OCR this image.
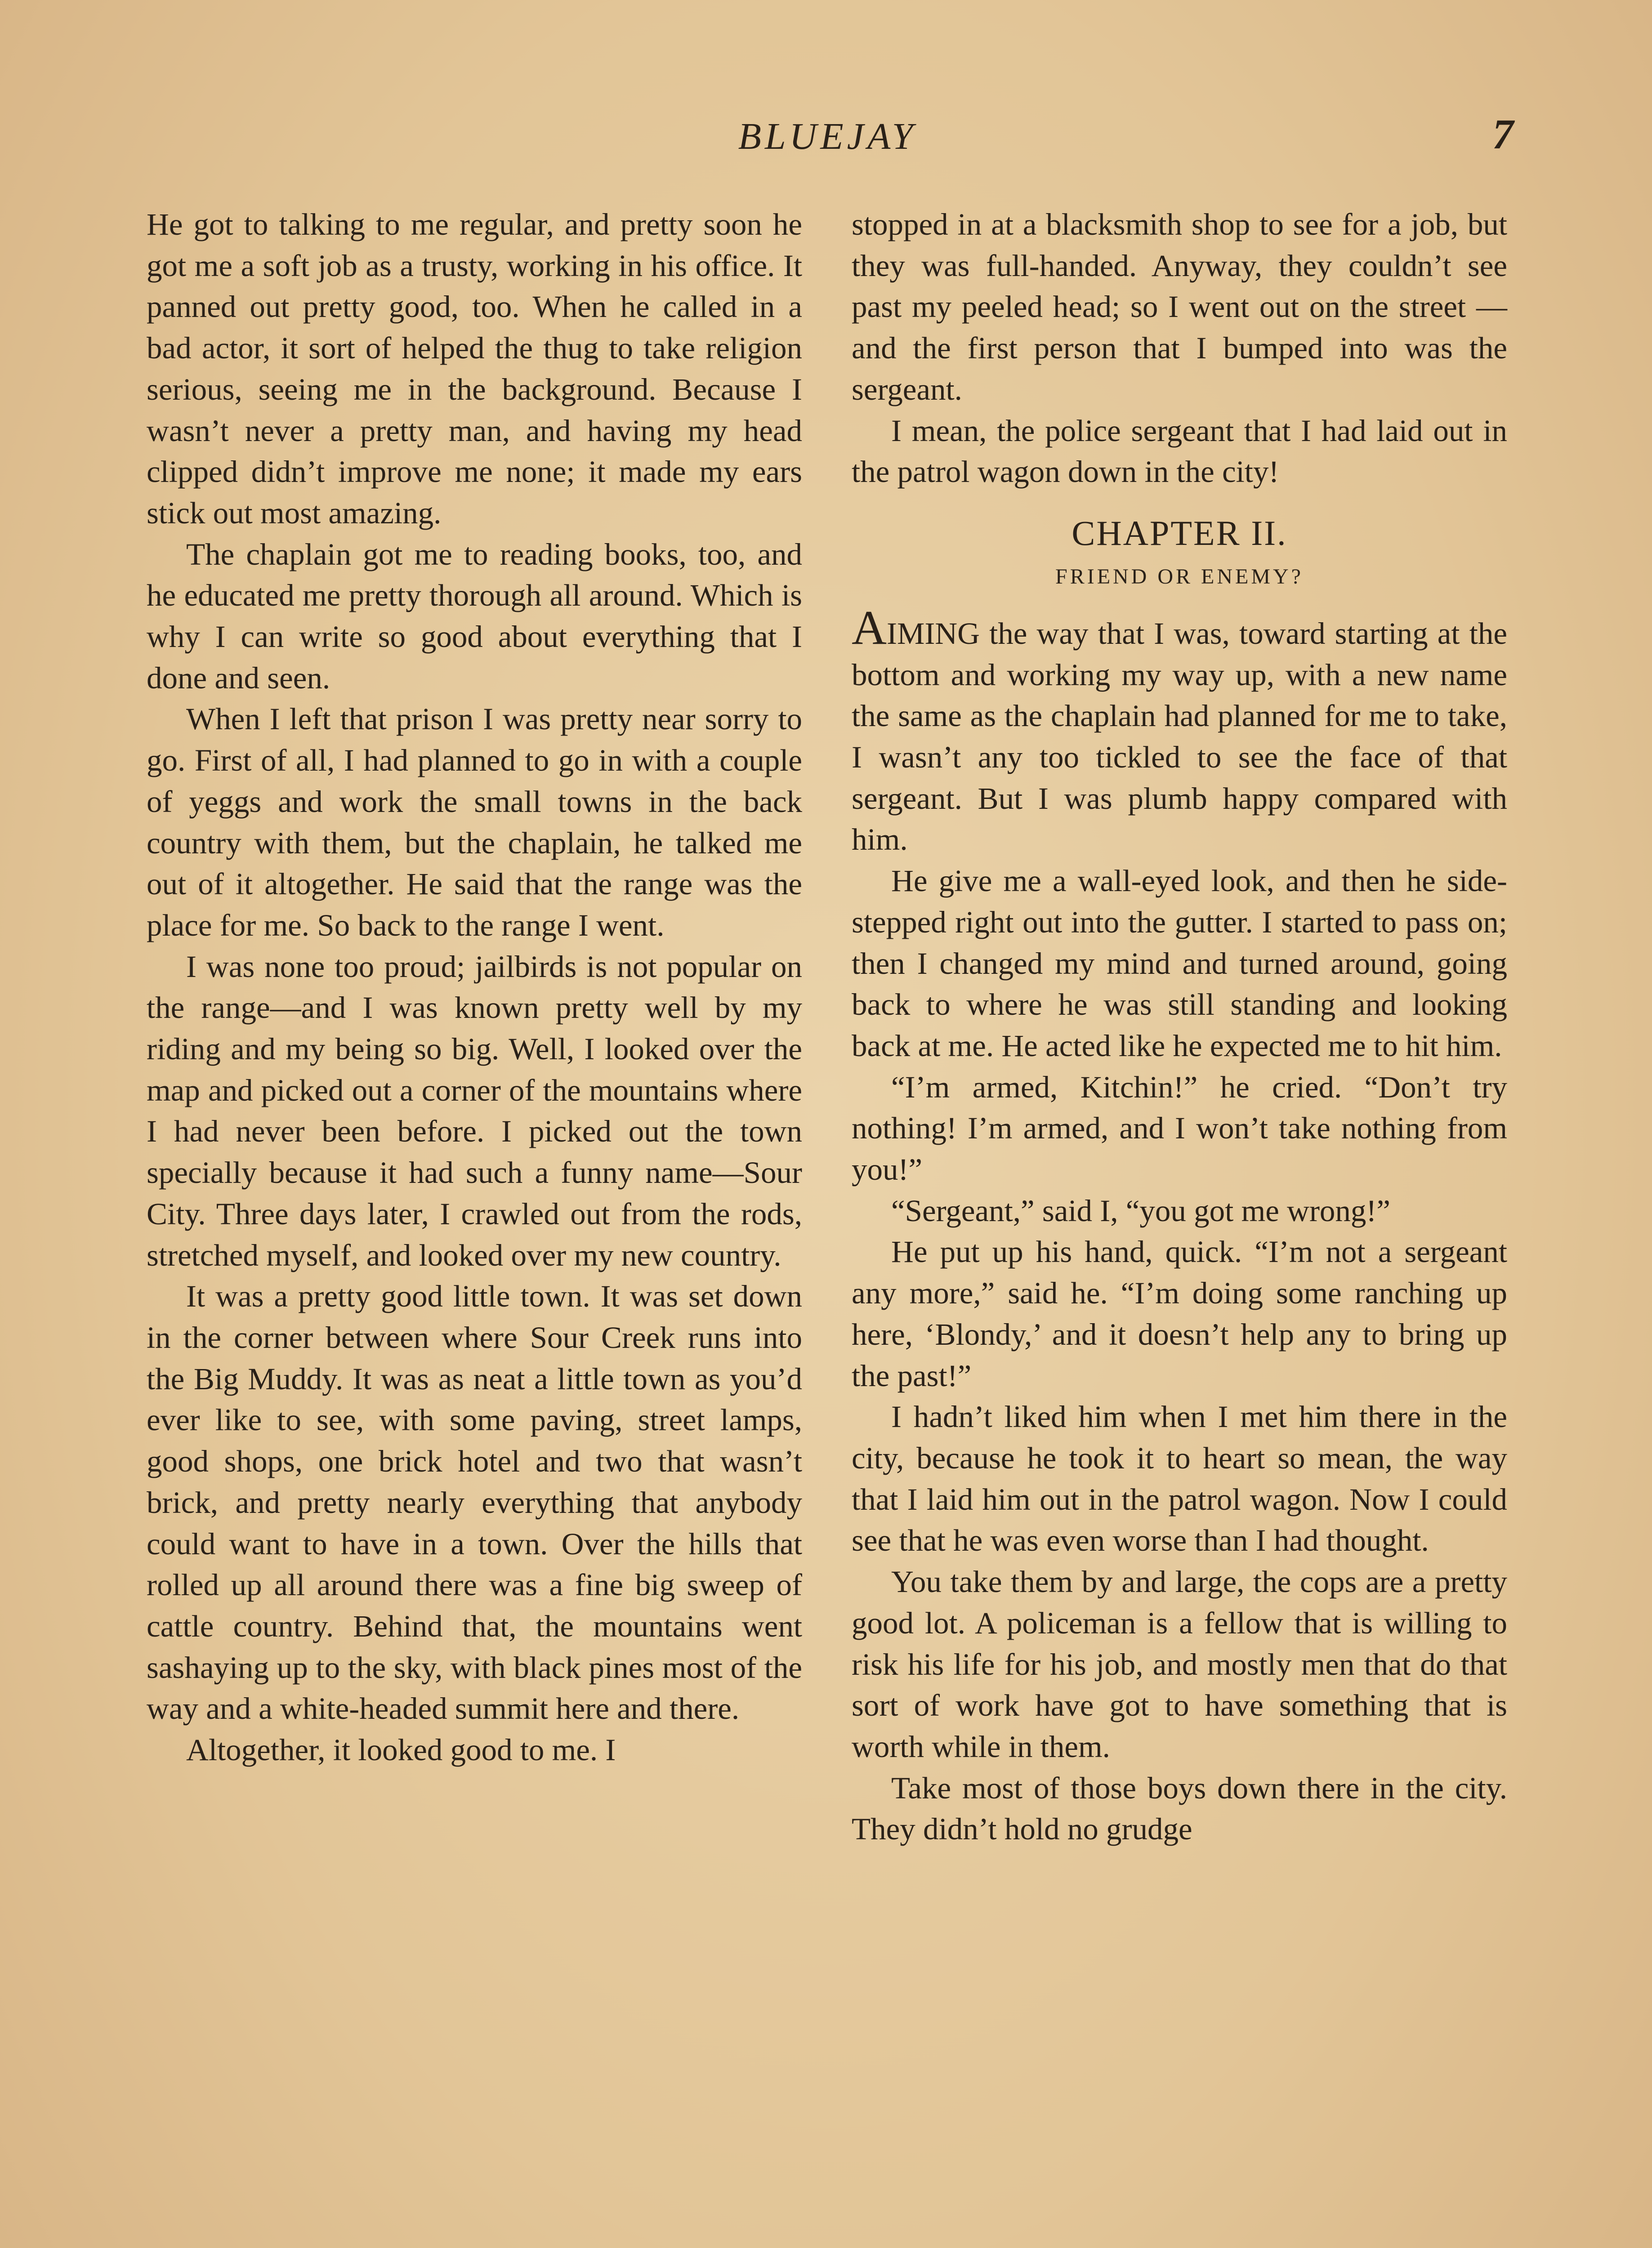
BLUEJAY	7

He got to talking to me regular, and pretty soon he got me a soft job as a trusty, working in his office. It panned out pretty good, too. When he called in a bad actor, it sort of helped the thug to take religion serious, seeing me in the background. Because I wasn’t never a pretty man, and having my head clipped didn’t improve me none; it made my ears stick out most amazing.

The chaplain got me to reading books, too, and he educated me pretty thorough all around. Which is why I can write so good about everything that I done and seen.

When I left that prison I was pretty near sorry to go. First of all, I had planned to go in with a couple of yeggs and work the small towns in the back country with them, but the chaplain, he talked me out of it altogether. He said that the range was the place for me. So back to the range I went.

I was none too proud; jailbirds is not popular on the range—and I was known pretty well by my riding and my being so big. Well, I looked over the map and picked out a corner of the mountains where I had never been before. I picked out the town specially because it had such a funny name—Sour City. Three days later, I crawled out from the rods, stretched myself, and looked over my new country.

It was a pretty good little town. It was set down in the corner between where Sour Creek runs into the Big Muddy. It was as neat a little town as you’d ever like to see, with some paving, street lamps, good shops, one brick hotel and two that wasn’t brick, and pretty nearly everything that anybody could want to have in a town. Over the hills that rolled up all around there was a fine big sweep of cattle country. Behind that, the mountains went sashaying up to the sky, with black pines most of the way and a white-headed summit here and there.

Altogether, it looked good to me. I

stopped in at a blacksmith shop to see for a job, but they was full-handed. Anyway, they couldn’t see past my peeled head; so I went out on the street —and the first person that I bumped into was the sergeant.

I mean, the police sergeant that I had laid out in the patrol wagon down in the city!

CHAPTER II.
FRIEND OR ENEMY?

AIMING the way that I was, toward starting at the bottom and working my way up, with a new name the same as the chaplain had planned for me to take, I wasn’t any too tickled to see the face of that sergeant. But I was plumb happy compared with him.

He give me a wall-eyed look, and then he side-stepped right out into the gutter. I started to pass on; then I changed my mind and turned around, going back to where he was still standing and looking back at me. He acted like he expected me to hit him.

“I’m armed, Kitchin!” he cried. “Don’t try nothing! I’m armed, and I won’t take nothing from you!”

“Sergeant,” said I, “you got me wrong!”

He put up his hand, quick. “I’m not a sergeant any more,” said he. “I’m doing some ranching up here, ‘Blondy,’ and it doesn’t help any to bring up the past!”

I hadn’t liked him when I met him there in the city, because he took it to heart so mean, the way that I laid him out in the patrol wagon. Now I could see that he was even worse than I had thought.

You take them by and large, the cops are a pretty good lot. A policeman is a fellow that is willing to risk his life for his job, and mostly men that do that sort of work have got to have something that is worth while in them.

Take most of those boys down there in the city. They didn’t hold no grudge
